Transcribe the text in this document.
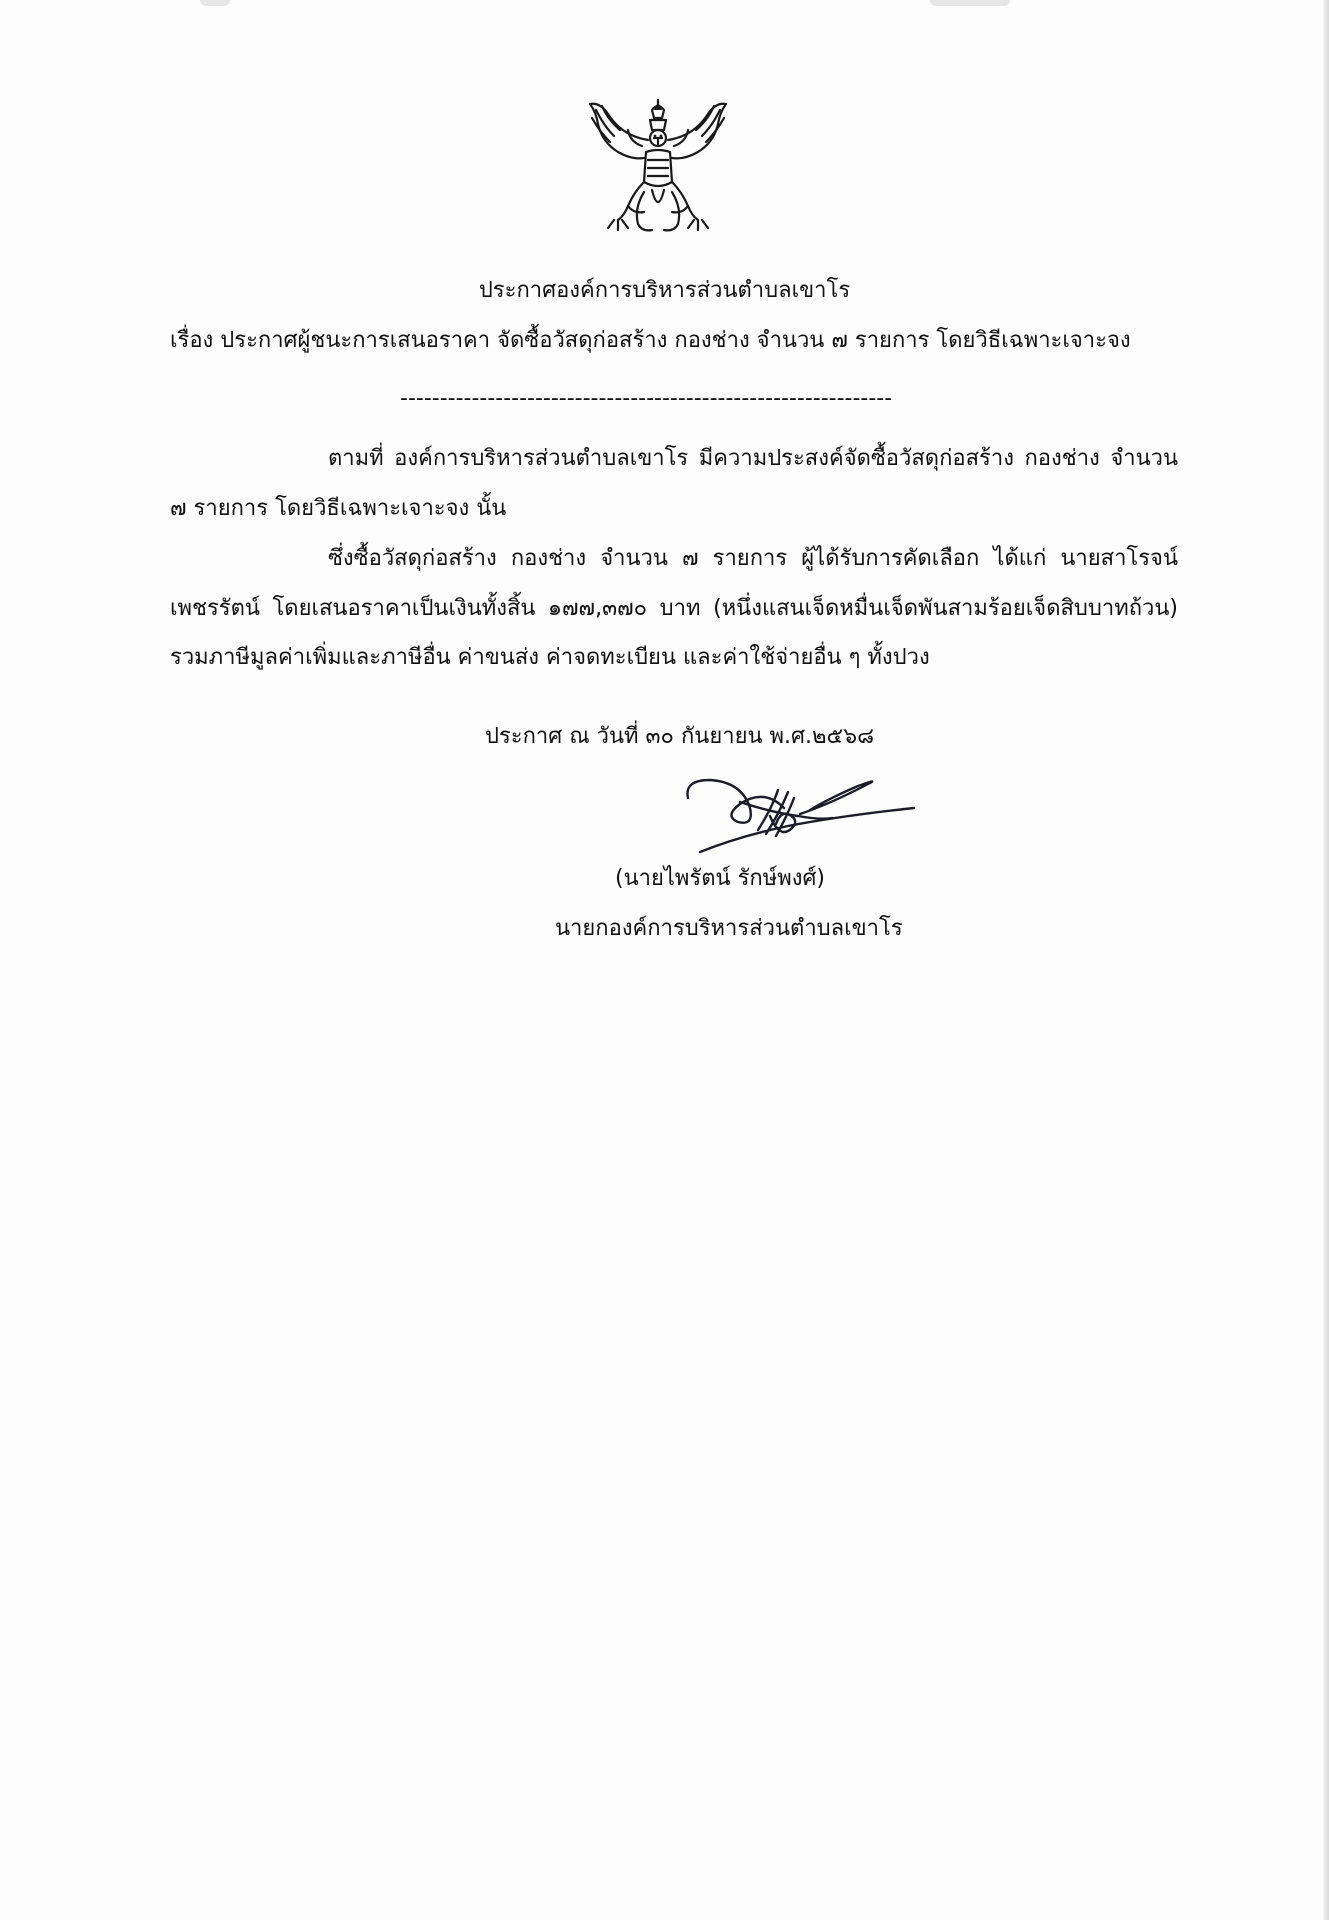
ประกาศองค์การบริหารส่วนตำบลเขาโร
เรื่อง ประกาศผู้ชนะการเสนอราคา จัดซื้อวัสดุก่อสร้าง กองช่าง จำนวน ๗ รายการ โดยวิธีเฉพาะเจาะจง
--------------------------------------------------------------
ตามที่ องค์การบริหารส่วนตำบลเขาโร มีความประสงค์จัดซื้อวัสดุก่อสร้าง กองช่าง จำนวน
๗ รายการ โดยวิธีเฉพาะเจาะจง นั้น
ซึ่งซื้อวัสดุก่อสร้าง กองช่าง จำนวน ๗ รายการ ผู้ได้รับการคัดเลือก ได้แก่ นายสาโรจน์
เพชรรัตน์ โดยเสนอราคาเป็นเงินทั้งสิ้น ๑๗๗,๓๗๐ บาท (หนึ่งแสนเจ็ดหมื่นเจ็ดพันสามร้อยเจ็ดสิบบาทถ้วน)
รวมภาษีมูลค่าเพิ่มและภาษีอื่น ค่าขนส่ง ค่าจดทะเบียน และค่าใช้จ่ายอื่น ๆ ทั้งปวง
ประกาศ ณ วันที่ ๓๐ กันยายน พ.ศ.๒๕๖๘
(นายไพรัตน์ รักษ์พงศ์)
นายกองค์การบริหารส่วนตำบลเขาโร
